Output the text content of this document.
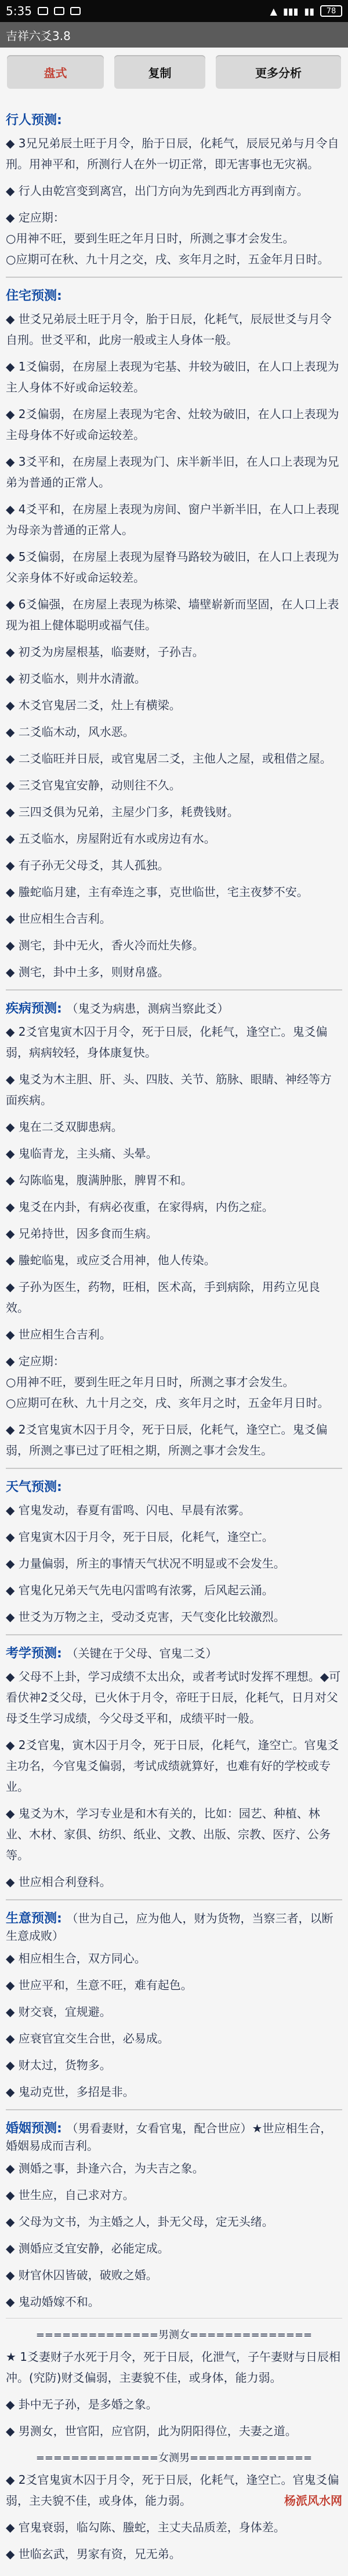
5:35	▲ ▮▮▮ ▮▮ 78
吉祥六爻3.8
盘式	复制	更多分析
行人预测:
◆ 3兄兄弟辰土旺于月令，胎于日辰，化耗气，辰辰兄弟与月令自刑。用神平和，所测行人在外一切正常，即无害事也无灾祸。
◆ 行人由乾宫变到离宫，出门方向为先到西北方再到南方。
◆ 定应期：
○用神不旺，要到生旺之年月日时，所测之事才会发生。
○应期可在秋、九十月之交，戌、亥年月之时，五金年月日时。
住宅预测:
◆ 世爻兄弟辰土旺于月令，胎于日辰，化耗气，辰辰世爻与月令自刑。世爻平和，此房一般或主人身体一般。
◆ 1爻偏弱，在房屋上表现为宅基、井较为破旧，在人口上表现为主人身体不好或命运较差。
◆ 2爻偏弱，在房屋上表现为宅舍、灶较为破旧，在人口上表现为主母身体不好或命运较差。
◆ 3爻平和，在房屋上表现为门、床半新半旧，在人口上表现为兄弟为普通的正常人。
◆ 4爻平和，在房屋上表现为房间、窗户半新半旧，在人口上表现为母亲为普通的正常人。
◆ 5爻偏弱，在房屋上表现为屋脊马路较为破旧，在人口上表现为父亲身体不好或命运较差。
◆ 6爻偏强，在房屋上表现为栋梁、墙壁崭新而坚固，在人口上表现为祖上健体聪明或福气佳。
◆ 初爻为房屋根基，临妻财，子孙吉。
◆ 初爻临水，则井水清澈。
◆ 木爻官鬼居二爻，灶上有横梁。
◆ 二爻临木动，风水恶。
◆ 二爻临旺并日辰，或官鬼居二爻，主他人之屋，或租借之屋。
◆ 三爻官鬼宜安静，动则往不久。
◆ 三四爻俱为兄弟，主屋少门多，耗费钱财。
◆ 五爻临水，房屋附近有水或房边有水。
◆ 有子孙无父母爻，其人孤独。
◆ 螣蛇临月建，主有牵连之事，克世临世，宅主夜梦不安。
◆ 世应相生合吉利。
◆ 测宅，卦中无火，香火冷而灶失修。
◆ 测宅，卦中土多，则财帛盛。
疾病预测: （鬼爻为病患，测病当察此爻）
◆ 2爻官鬼寅木囚于月令，死于日辰，化耗气，逢空亡。鬼爻偏弱，病病较轻，身体康复快。
◆ 鬼爻为木主胆、肝、头、四肢、关节、筋脉、眼睛、神经等方面疾病。
◆ 鬼在二爻双脚患病。
◆ 鬼临青龙，主头痛、头晕。
◆ 勾陈临鬼，腹满肿胀，脾胃不和。
◆ 鬼爻在内卦，有病必夜重，在家得病，内伤之症。
◆ 兄弟持世，因多食而生病。
◆ 螣蛇临鬼，或应爻合用神，他人传染。
◆ 子孙为医生，药物，旺相，医术高，手到病除，用药立见良效。
◆ 世应相生合吉利。
◆ 定应期：
○用神不旺，要到生旺之年月日时，所测之事才会发生。
○应期可在秋、九十月之交，戌、亥年月之时，五金年月日时。
◆ 2爻官鬼寅木囚于月令，死于日辰，化耗气，逢空亡。鬼爻偏弱，所测之事已过了旺相之期，所测之事才会发生。
天气预测:
◆ 官鬼发动，春夏有雷鸣、闪电、早晨有浓雾。
◆ 官鬼寅木囚于月令，死于日辰，化耗气，逢空亡。
◆ 力量偏弱，所主的事情天气状况不明显或不会发生。
◆ 官鬼化兄弟天气先电闪雷鸣有浓雾，后风起云涌。
◆ 世爻为万物之主，受动爻克害，天气变化比较激烈。
考学预测: （关键在于父母、官鬼二爻）
◆ 父母不上卦，学习成绩不太出众，或者考试时发挥不理想。◆可看伏神2爻父母，已火休于月令，帝旺于日辰，化耗气，日月对父母爻生学习成绩，今父母爻平和，成绩平时一般。
◆ 2爻官鬼，寅木囚于月令，死于日辰，化耗气，逢空亡。官鬼爻主功名，今官鬼爻偏弱，考试成绩就算好，也难有好的学校或专业。
◆ 鬼爻为木，学习专业是和木有关的，比如：园艺、种植、林业、木材、家俱、纺织、纸业、文教、出版、宗教、医疗、公务等。
◆ 世应相合利登科。
生意预测: （世为自己，应为他人，财为货物，当察三者，以断生意成败）
◆ 相应相生合，双方同心。
◆ 世应平和，生意不旺，难有起色。
◆ 财交衰，宜规避。
◆ 应衰官宜交生合世，必易成。
◆ 财太过，货物多。
◆ 鬼动克世，多招是非。
婚姻预测: （男看妻财，女看官鬼，配合世应）★世应相生合，婚姻易成而吉利。
◆ 测婚之事，卦逢六合，为夫吉之象。
◆ 世生应，自己求对方。
◆ 父母为文书，为主婚之人，卦无父母，定无头绪。
◆ 测婚应爻宜安静，必能定成。
◆ 财官休囚皆破，破败之婚。
◆ 鬼动婚嫁不和。
==============男测女==============
★ 1爻妻财子水死于月令，死于日辰，化泄气，子午妻财与日辰相冲。(究防)财爻偏弱，主妻貌不佳，或身体，能力弱。
◆ 卦中无子孙，是多婚之象。
◆ 男测女，世官阳，应官阴，此为阴阳得位，夫妻之道。
==============女测男==============
◆ 2爻官鬼寅木囚于月令，死于日辰，化耗气，逢空亡。官鬼爻偏弱，主夫貌不佳，或身体，能力弱。
◆ 官鬼衰弱，临勾陈、螣蛇，主丈夫品质差，身体差。
◆ 世临玄武，男家有资，兄无弟。
杨派风水网
